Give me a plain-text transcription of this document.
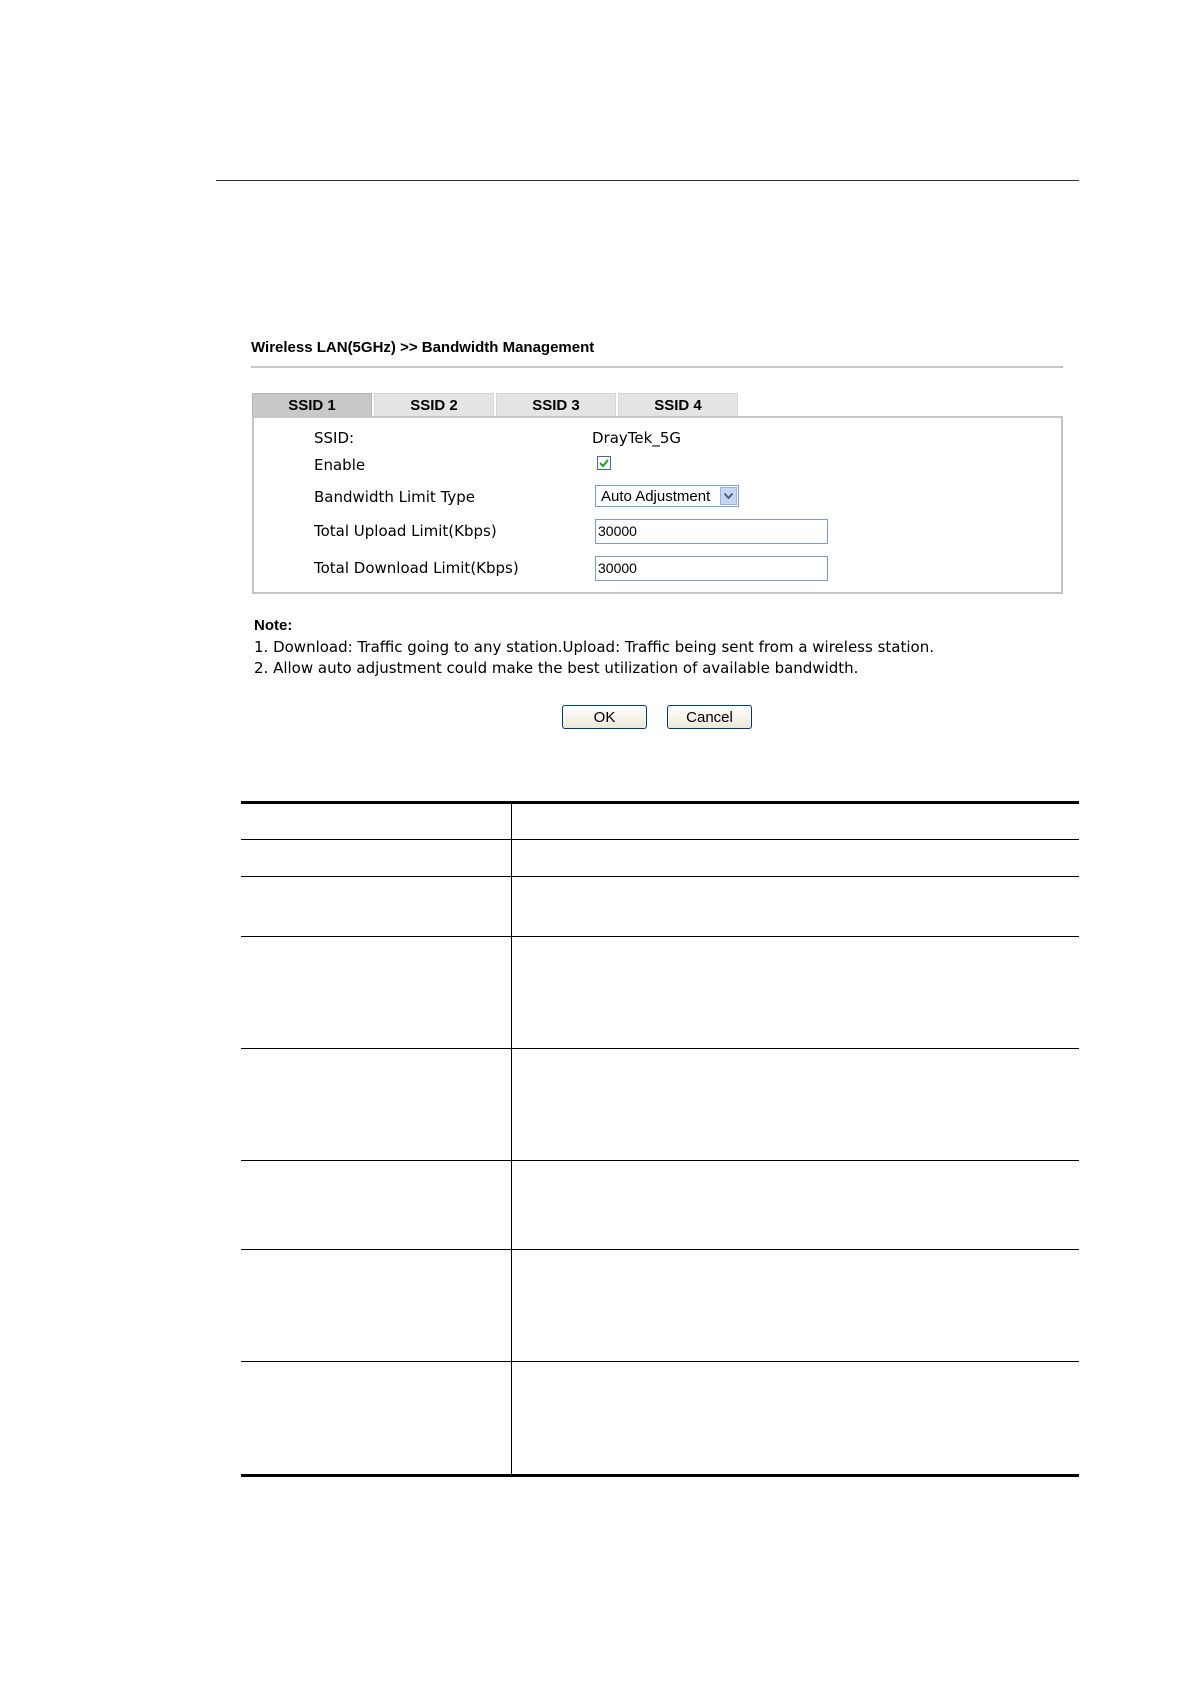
Wireless LAN(5GHz) >> Bandwidth Management
SSID 1	SSID 2	SSID 3	SSID 4
SSID:	DrayTek_5G
Enable
Bandwidth Limit Type	Auto Adjustment
Total Upload Limit(Kbps)	30000
Total Download Limit(Kbps)	30000
Note:
1. Download: Traffic going to any station.Upload: Traffic being sent from a wireless station.
2. Allow auto adjustment could make the best utilization of available bandwidth.
OK	Cancel
